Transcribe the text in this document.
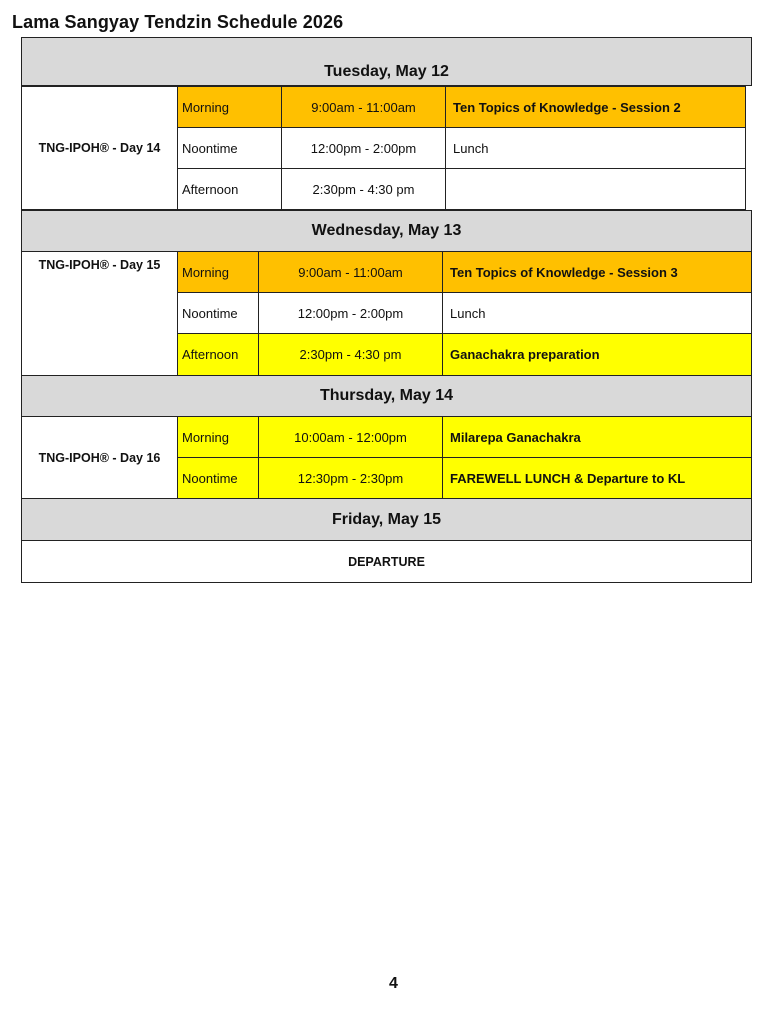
Lama Sangyay Tendzin Schedule 2026
Tuesday, May 12
TNG-IPOH® - Day 14
Morning	9:00am - 11:00am	Ten Topics of Knowledge - Session 2
Noontime	12:00pm - 2:00pm	Lunch
Afternoon	2:30pm - 4:30 pm
Wednesday, May 13
TNG-IPOH® - Day 15	Morning	9:00am - 11:00am	Ten Topics of Knowledge - Session 3
Noontime	12:00pm - 2:00pm	Lunch
Afternoon	2:30pm - 4:30 pm	Ganachakra preparation
Thursday, May 14
TNG-IPOH® - Day 16
Morning	10:00am - 12:00pm	Milarepa Ganachakra
Noontime	12:30pm - 2:30pm	FAREWELL LUNCH & Departure to KL
Friday, May 15
DEPARTURE
4
